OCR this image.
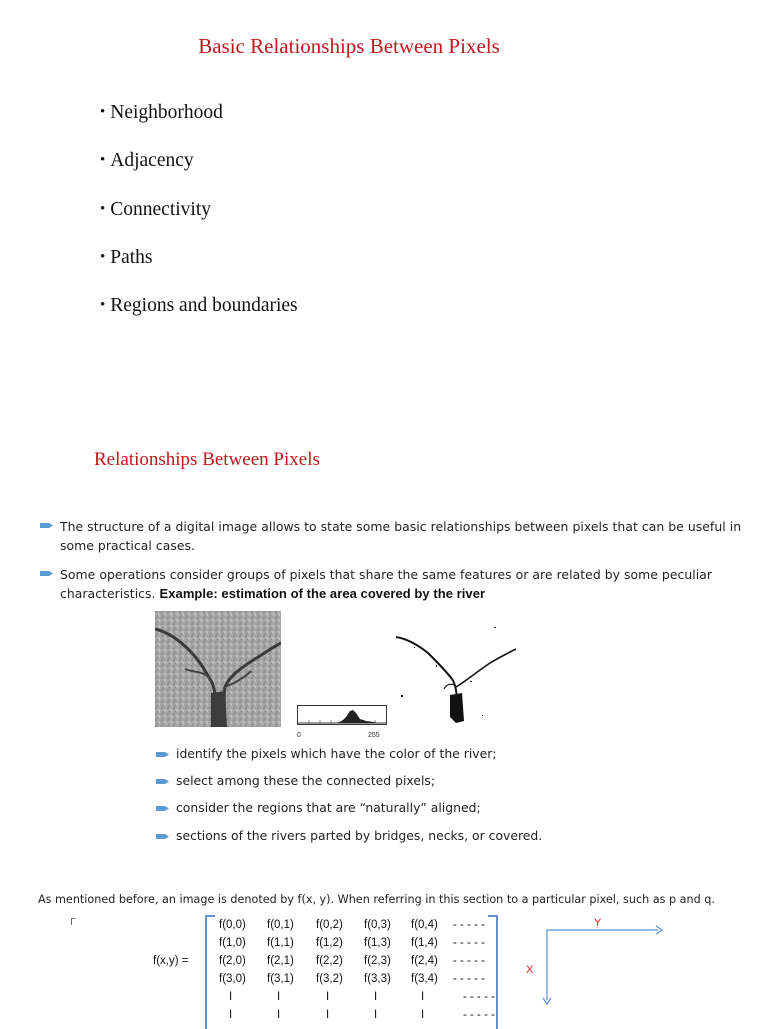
Basic Relationships Between Pixels
• Neighborhood
• Adjacency
• Connectivity
• Paths
• Regions and boundaries
Relationships Between Pixels
The structure of a digital image allows to state some basic relationships between pixels that can be useful in some practical cases.
Some operations consider groups of pixels that share the same features or are related by some peculiar characteristics. Example: estimation of the area covered by the river
0	255
identify the pixels which have the color of the river;
select among these the connected pixels;
consider the regions that are “naturally” aligned;
sections of the rivers parted by bridges, necks, or covered.
As mentioned before, an image is denoted by f(x, y). When referring in this section to a particular pixel, such as p and q.
Γ
f(x,y) =
f(0,0) f(0,1) f(0,2) f(0,3) f(0,4) - - - - -
f(1,0) f(1,1) f(1,2) f(1,3) f(1,4) - - - - -
f(2,0) f(2,1) f(2,2) f(2,3) f(2,4) - - - - -
f(3,0) f(3,1) f(3,2) f(3,3) f(3,4) - - - - -
I	I	I	I	I	- - - - -
I	I	I	I	I	- - - - -
Y
X
